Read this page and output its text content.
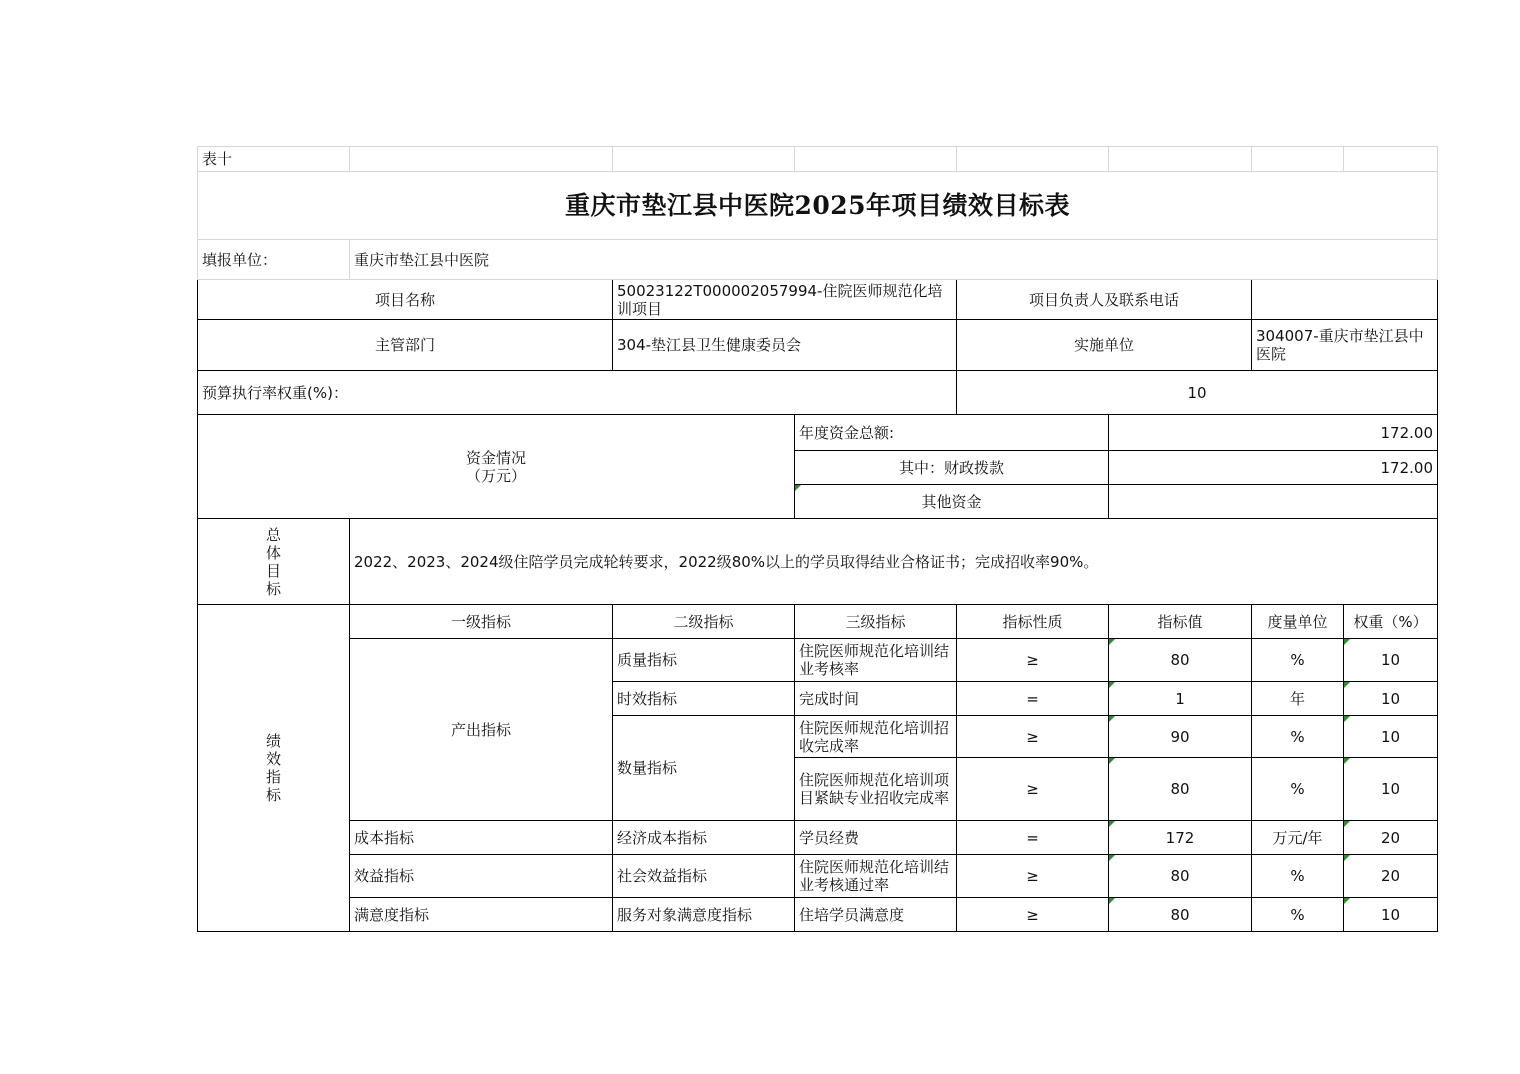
表十							
重庆市垫江县中医院2025年项目绩效目标表							
填报单位：	重庆市垫江县中医院						
项目名称		50023122T000002057994-住院医师规范化培训项目		项目负责人及联系电话			
主管部门		304-垫江县卫生健康委员会		实施单位		304007-重庆市垫江县中医院	
预算执行率权重(%)：				10			

资金情况
（万元）			年度资金总额:		172.00		
			其中：财政拨款		172.00		
			其他资金				

总
体
目
标	2022、2023、2024级住陪学员完成轮转要求，2022级80%以上的学员取得结业合格证书；完成招收率90%。						

绩
效
指
标	一级指标	二级指标	三级指标	指标性质	指标值	度量单位	权重（%）
	产出指标	质量指标	住院医师规范化培训结业考核率	≥	80	%	10
		时效指标	完成时间	=	1	年	10
		数量指标	住院医师规范化培训招收完成率	≥	90	%	10
			住院医师规范化培训项目紧缺专业招收完成率	≥	80	%	10
	成本指标	经济成本指标	学员经费	=	172	万元/年	20
	效益指标	社会效益指标	住院医师规范化培训结业考核通过率	≥	80	%	20
	满意度指标	服务对象满意度指标	住培学员满意度	≥	80	%	10
